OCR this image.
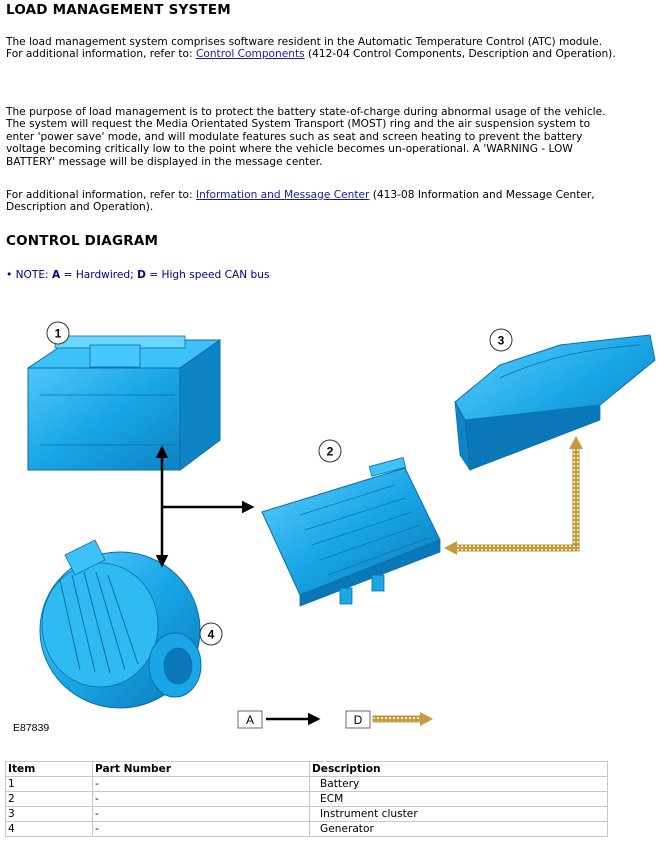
LOAD MANAGEMENT SYSTEM

The load management system comprises software resident in the Automatic Temperature Control (ATC) module.
For additional information, refer to: Control Components (412-04 Control Components, Description and Operation).

The purpose of load management is to protect the battery state-of-charge during abnormal usage of the vehicle. The system will request the Media Orientated System Transport (MOST) ring and the air suspension system to enter 'power save' mode, and will modulate features such as seat and screen heating to prevent the battery voltage becoming critically low to the point where the vehicle becomes un-operational. A 'WARNING - LOW BATTERY' message will be displayed in the message center.

For additional information, refer to: Information and Message Center (413-08 Information and Message Center, Description and Operation).

CONTROL DIAGRAM
• NOTE: A = Hardwired; D = High speed CAN bus
1
2
3
4
A	D
E87839
Item	Part Number	Description
1	-	Battery
2	-	ECM
3	-	Instrument cluster
4	-	Generator
